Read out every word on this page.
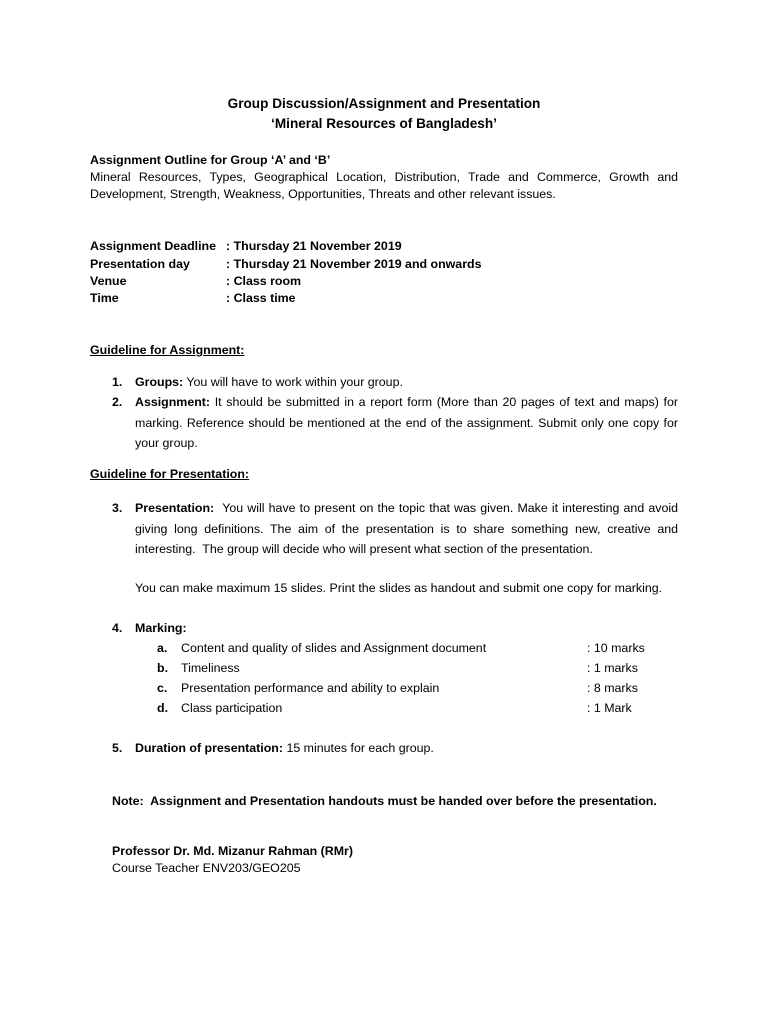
Group Discussion/Assignment and Presentation
‘Mineral Resources of Bangladesh’
Assignment Outline for Group ‘A’ and ‘B’
Mineral Resources, Types, Geographical Location, Distribution, Trade and Commerce, Growth and Development, Strength, Weakness, Opportunities, Threats and other relevant issues.
Assignment Deadline : Thursday 21 November 2019
Presentation day	: Thursday 21 November 2019 and onwards
Venue	: Class room
Time	: Class time
Guideline for Assignment:
1.	Groups: You will have to work within your group.
2.	Assignment: It should be submitted in a report form (More than 20 pages of text and maps) for marking. Reference should be mentioned at the end of the assignment. Submit only one copy for your group.
Guideline for Presentation:
3.	Presentation:  You will have to present on the topic that was given. Make it interesting and avoid giving long definitions. The aim of the presentation is to share something new, creative and interesting.  The group will decide who will present what section of the presentation.
You can make maximum 15 slides. Print the slides as handout and submit one copy for marking.
4.	Marking:
a.	Content and quality of slides and Assignment document	: 10 marks
b.	Timeliness	: 1 marks
c.	Presentation performance and ability to explain	: 8 marks
d.	Class participation	: 1 Mark
5.	Duration of presentation: 15 minutes for each group.
Note:  Assignment and Presentation handouts must be handed over before the presentation.
Professor Dr. Md. Mizanur Rahman (RMr)
Course Teacher ENV203/GEO205
